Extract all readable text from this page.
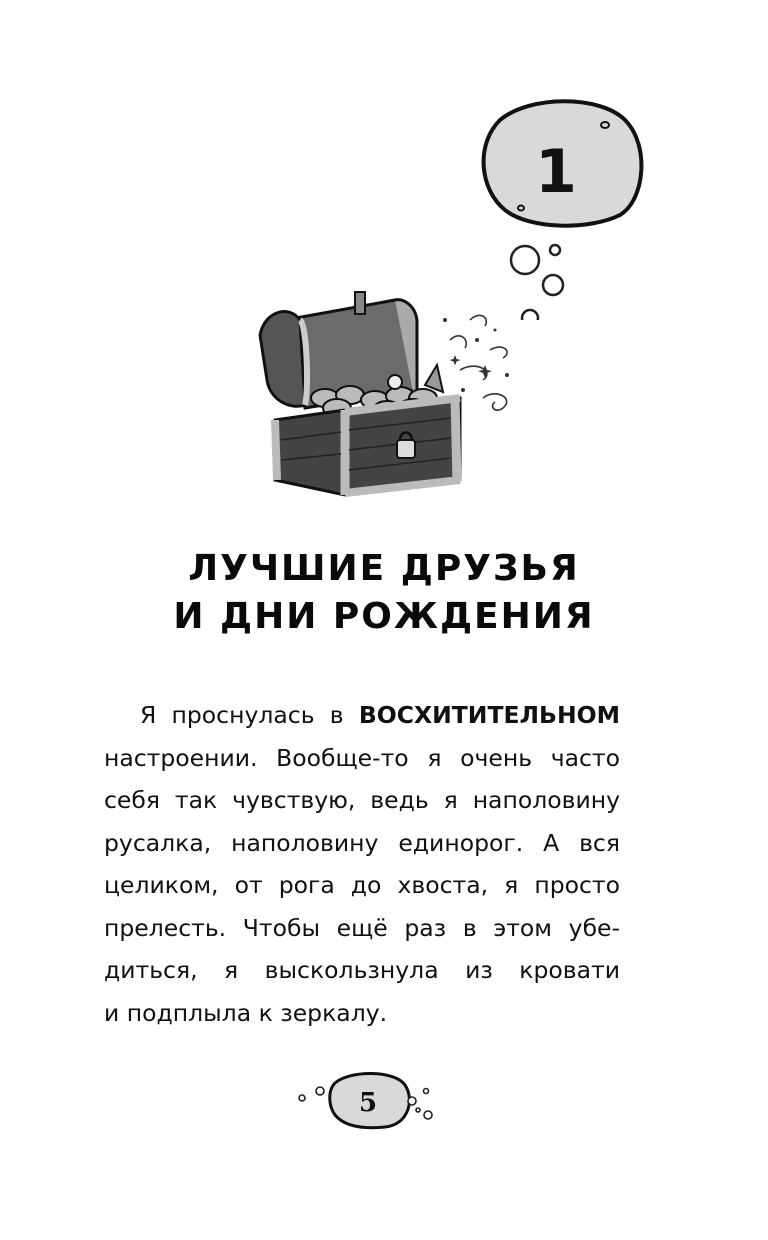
1
ЛУЧШИЕ ДРУЗЬЯ
И ДНИ РОЖДЕНИЯ
Я проснулась в ВОСХИТИТЕЛЬНОМ
настроении. Вообще-то я очень часто
себя так чувствую, ведь я наполовину
русалка, наполовину единорог. А вся
целиком, от рога до хвоста, я просто
прелесть. Чтобы ещё раз в этом убе-
диться, я выскользнула из кровати
и подплыла к зеркалу.
5
